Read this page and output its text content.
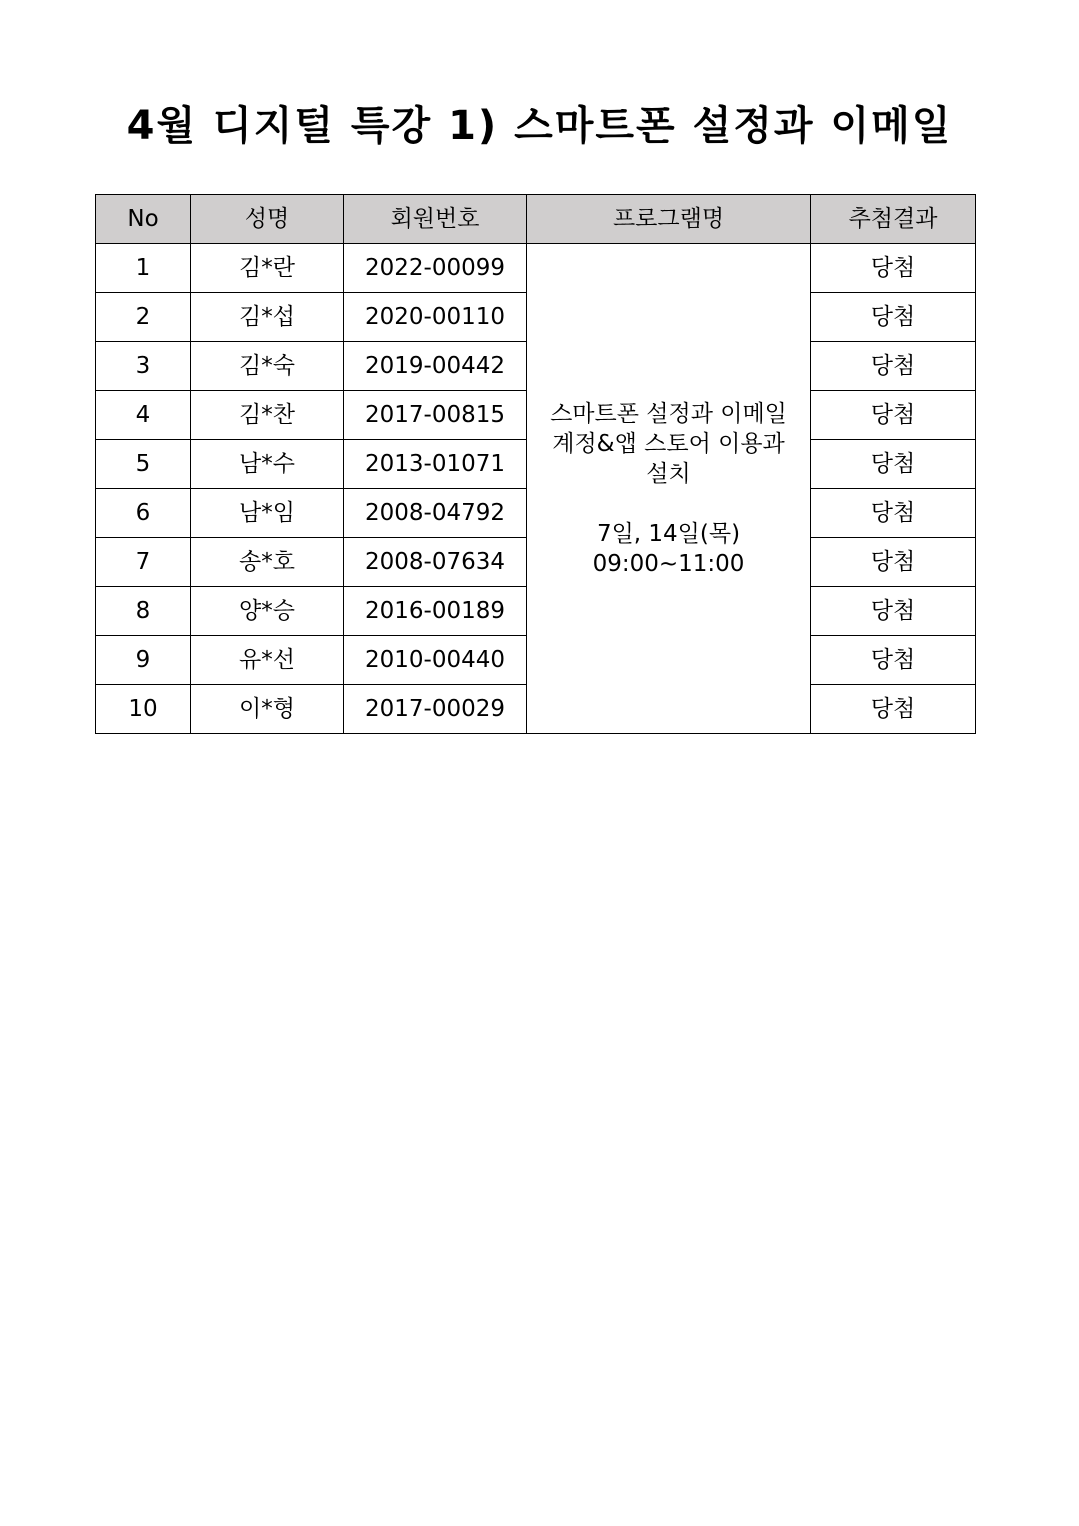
4월 디지털 특강 1) 스마트폰 설정과 이메일
No	성명	회원번호	프로그램명	추첨결과
1	김*란	2022-00099	스마트폰 설정과 이메일
계정&앱 스토어 이용과
설치
7일, 14일(목)
09:00~11:00	당첨
2	김*섭	2020-00110		당첨
3	김*숙	2019-00442		당첨
4	김*찬	2017-00815		당첨
5	남*수	2013-01071		당첨
6	남*임	2008-04792		당첨
7	송*호	2008-07634		당첨
8	양*승	2016-00189		당첨
9	유*선	2010-00440		당첨
10	이*형	2017-00029		당첨
